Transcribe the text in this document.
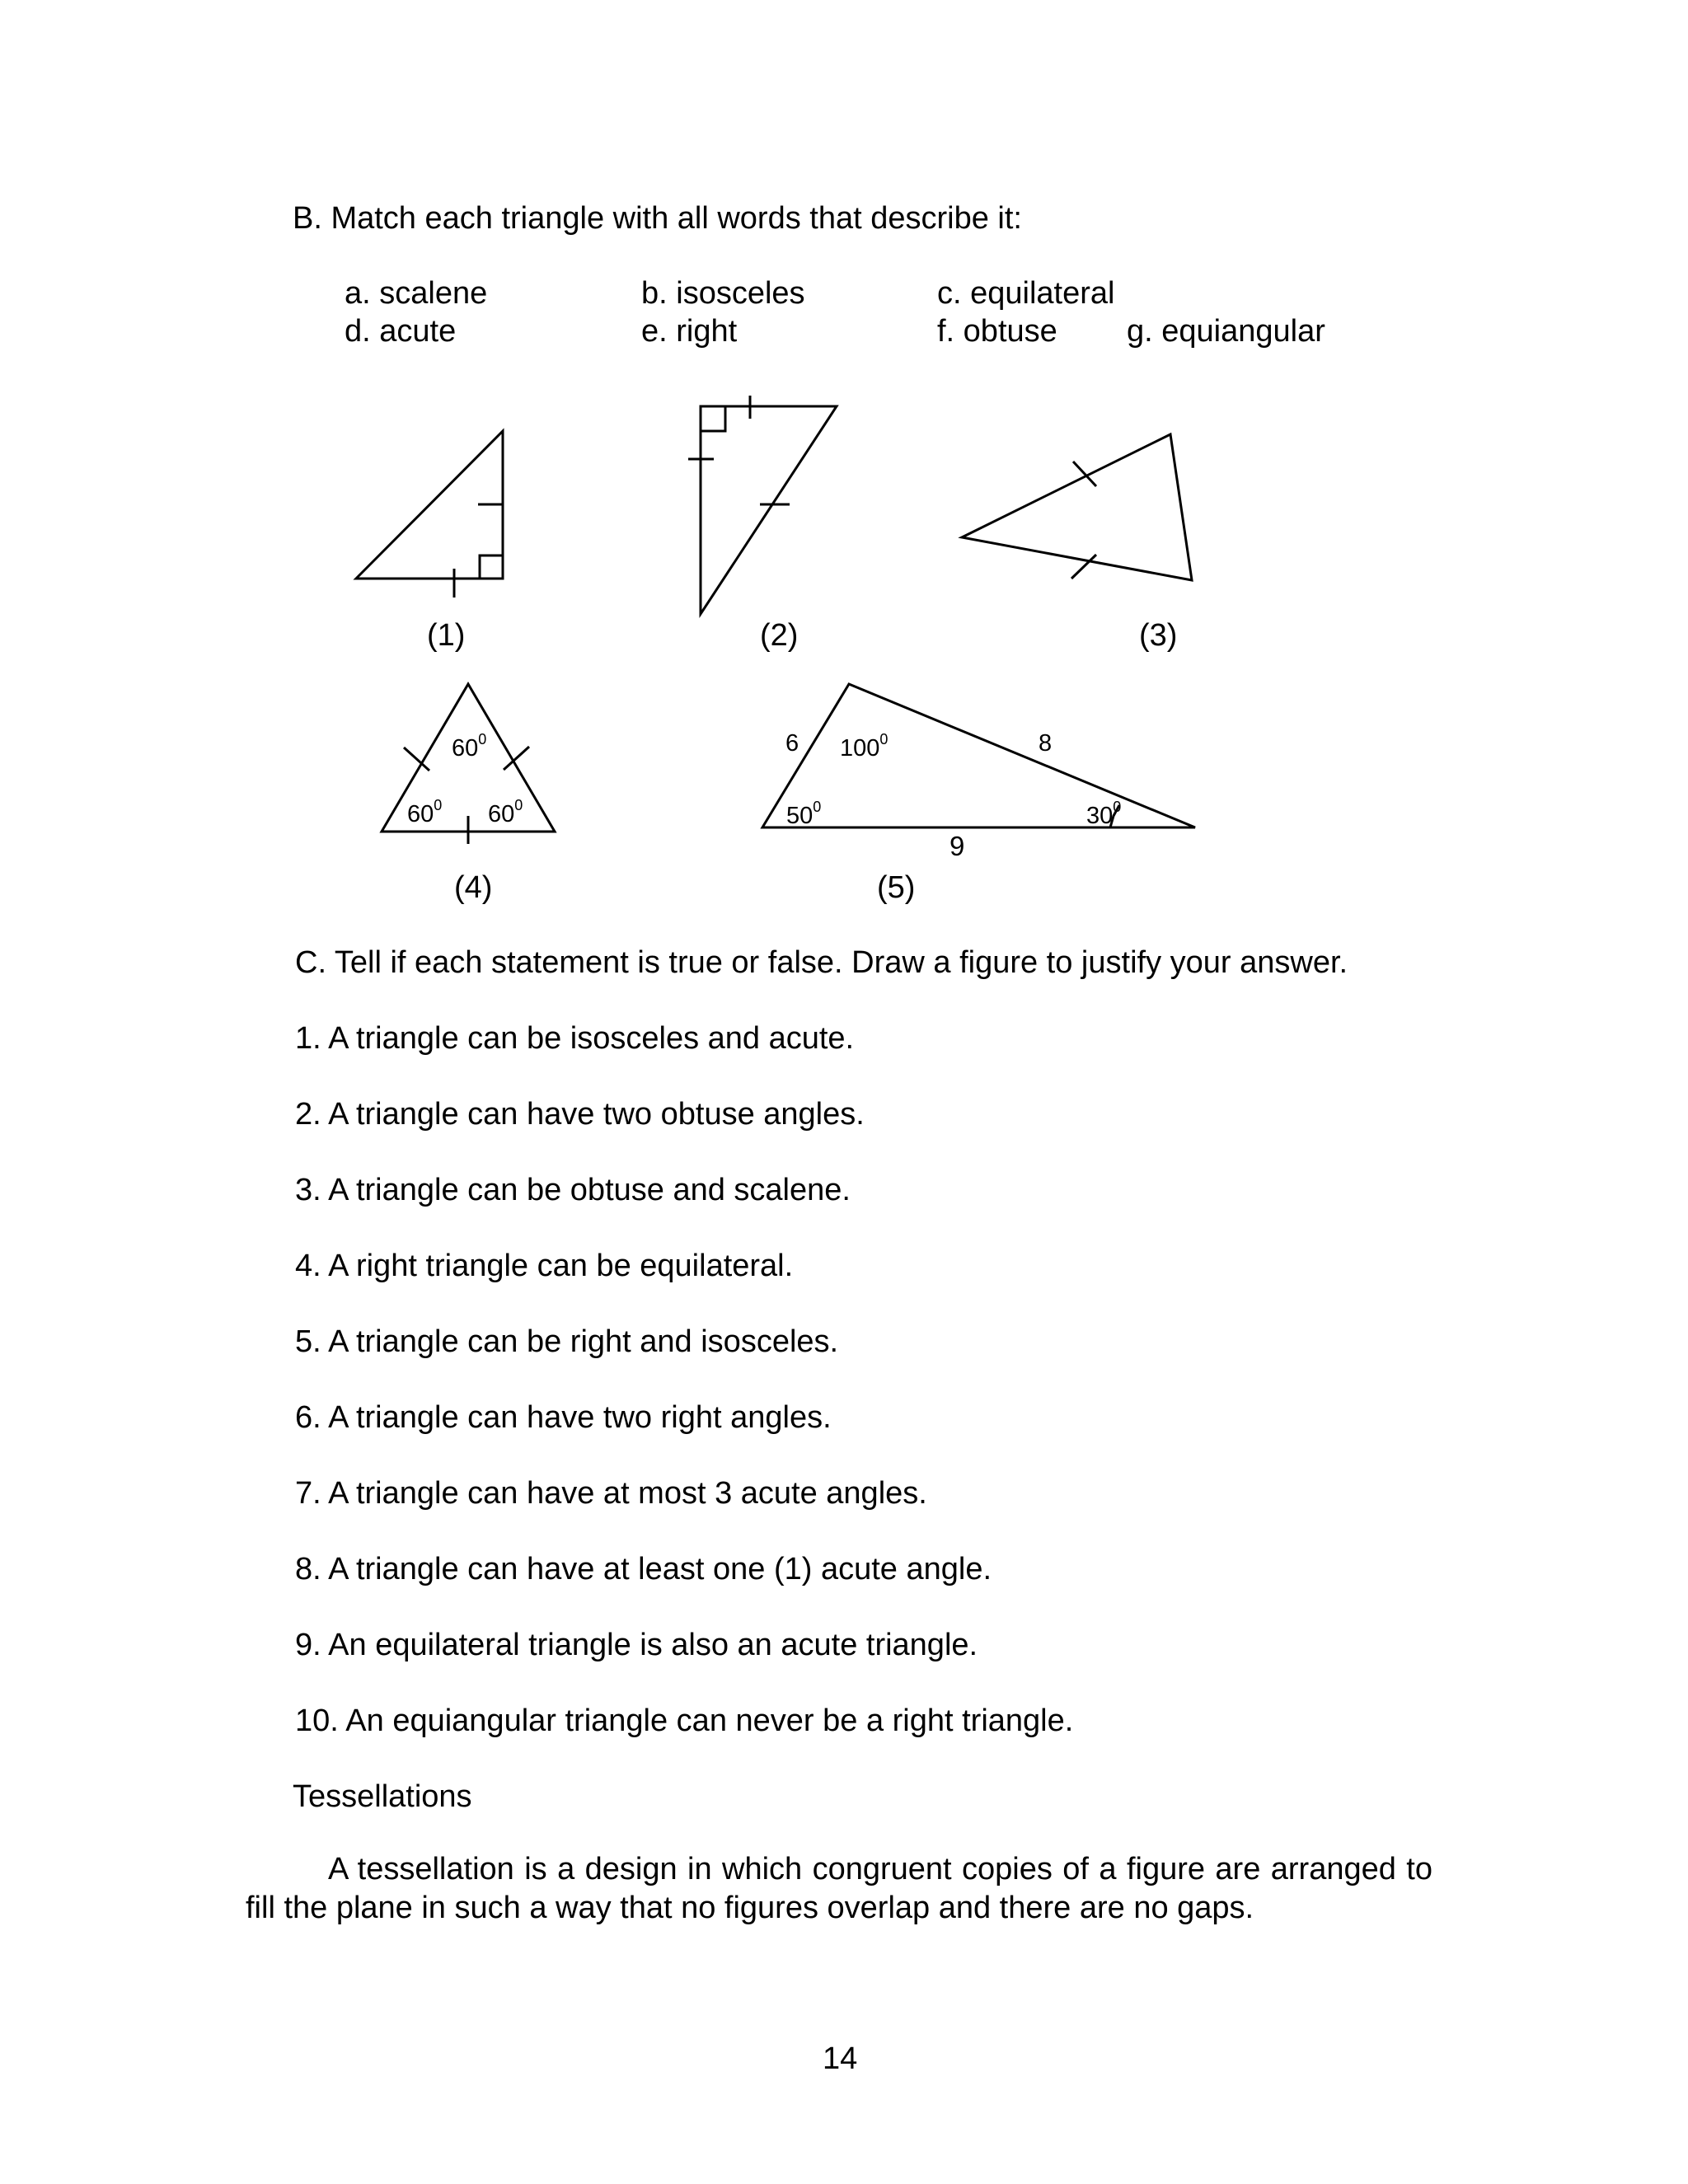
B. Match each triangle with all words that describe it:
a. scalene	b. isosceles	c. equilateral
d. acute	e. right	f. obtuse g. equiangular
(1)	(2)	(3)
(4)	(5)
$60^0$
$60^0$ $60^0$
6 $100^0$	8
$50^0$	$30^0$
9
C. Tell if each statement is true or false. Draw a figure to justify your answer.
1. A triangle can be isosceles and acute.
2. A triangle can have two obtuse angles.
3. A triangle can be obtuse and scalene.
4. A right triangle can be equilateral.
5. A triangle can be right and isosceles.
6. A triangle can have two right angles.
7. A triangle can have at most 3 acute angles.
8. A triangle can have at least one (1) acute angle.
9. An equilateral triangle is also an acute triangle.
10. An equiangular triangle can never be a right triangle.
Tessellations
A tessellation is a design in which congruent copies of a figure are arranged to fill the plane in such a way that no figures overlap and there are no gaps.
14
